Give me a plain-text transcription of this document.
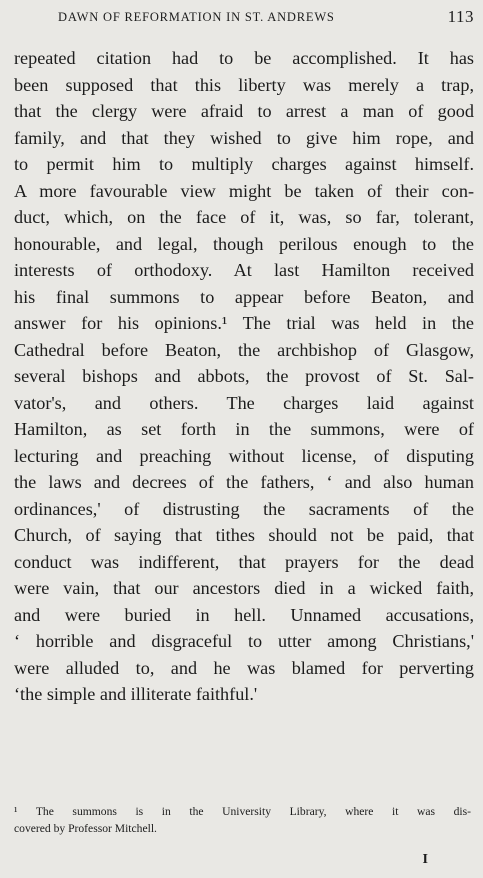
DAWN OF REFORMATION IN ST. ANDREWS	113
repeated citation had to be accomplished. It has
been supposed that this liberty was merely a trap,
that the clergy were afraid to arrest a man of good
family, and that they wished to give him rope, and
to permit him to multiply charges against himself.
A more favourable view might be taken of their con-
duct, which, on the face of it, was, so far, tolerant,
honourable, and legal, though perilous enough to the
interests of orthodoxy. At last Hamilton received
his final summons to appear before Beaton, and
answer for his opinions.¹ The trial was held in the
Cathedral before Beaton, the archbishop of Glasgow,
several bishops and abbots, the provost of St. Sal-
vator's, and others. The charges laid against
Hamilton, as set forth in the summons, were of
lecturing and preaching without license, of disputing
the laws and decrees of the fathers, ‘ and also human
ordinances,' of distrusting the sacraments of the
Church, of saying that tithes should not be paid, that
conduct was indifferent, that prayers for the dead
were vain, that our ancestors died in a wicked faith,
and were buried in hell. Unnamed accusations,
‘ horrible and disgraceful to utter among Christians,'
were alluded to, and he was blamed for perverting
‘the simple and illiterate faithful.'
¹ The summons is in the University Library, where it was dis-
covered by Professor Mitchell.
I
